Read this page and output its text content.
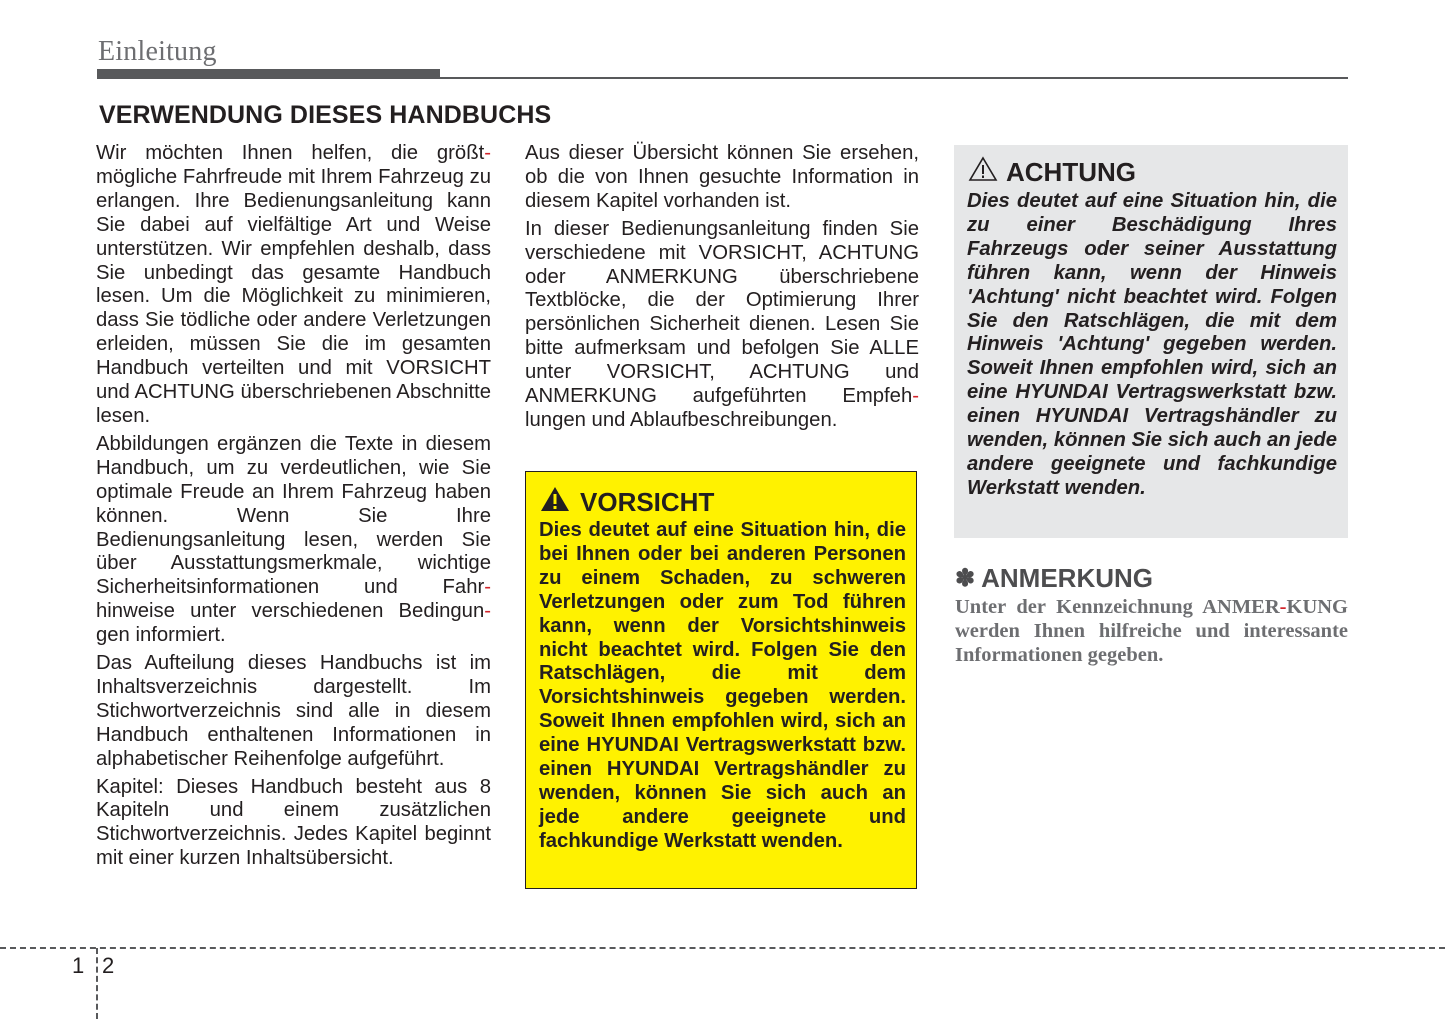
Einleitung
VERWENDUNG DIESES HANDBUCHS

Wir möchten Ihnen helfen, die größt-mögliche Fahrfreude mit Ihrem Fahrzeug zu erlangen. Ihre Bedienungsanleitung kann Sie dabei auf vielfältige Art und Weise unterstützen. Wir empfehlen deshalb, dass Sie unbedingt das gesamte Handbuch lesen. Um die Möglichkeit zu minimieren, dass Sie tödliche oder andere Verletzungen erleiden, müssen Sie die im gesamten Handbuch verteilten und mit VORSICHT und ACHTUNG überschriebenen Abschnitte lesen.

Abbildungen ergänzen die Texte in diesem Handbuch, um zu verdeutlichen, wie Sie optimale Freude an Ihrem Fahrzeug haben können. Wenn Sie Ihre Bedienungsanleitung lesen, werden Sie über Ausstattungsmerkmale, wichtige Sicherheitsinformationen und Fahr-hinweise unter verschiedenen Bedingun-gen informiert.

Das Aufteilung dieses Handbuchs ist im Inhaltsverzeichnis dargestellt. Im Stichwortverzeichnis sind alle in diesem Handbuch enthaltenen Informationen in alphabetischer Reihenfolge aufgeführt.

Kapitel: Dieses Handbuch besteht aus 8 Kapiteln und einem zusätzlichen Stichwortverzeichnis. Jedes Kapitel beginnt mit einer kurzen Inhaltsübersicht.

Aus dieser Übersicht können Sie ersehen, ob die von Ihnen gesuchte Information in diesem Kapitel vorhanden ist.

In dieser Bedienungsanleitung finden Sie verschiedene mit VORSICHT, ACHTUNG oder ANMERKUNG überschriebene Textblöcke, die der Optimierung Ihrer persönlichen Sicherheit dienen. Lesen Sie bitte aufmerksam und befolgen Sie ALLE unter VORSICHT, ACHTUNG und ANMERKUNG aufgeführten Empfeh-lungen und Ablaufbeschreibungen.

VORSICHT

Dies deutet auf eine Situation hin, die bei Ihnen oder bei anderen Personen zu einem Schaden, zu schweren Verletzungen oder zum Tod führen kann, wenn der Vorsichtshinweis nicht beachtet wird. Folgen Sie den Ratschlägen, die mit dem Vorsichtshinweis gegeben werden. Soweit Ihnen empfohlen wird, sich an eine HYUNDAI Vertragswerkstatt bzw. einen HYUNDAI Vertragshändler zu wenden, können Sie sich auch an jede andere geeignete und fachkundige Werkstatt wenden.

ACHTUNG

Dies deutet auf eine Situation hin, die zu einer Beschädigung Ihres Fahrzeugs oder seiner Ausstattung führen kann, wenn der Hinweis 'Achtung' nicht beachtet wird. Folgen Sie den Ratschlägen, die mit dem Hinweis 'Achtung' gegeben werden. Soweit Ihnen empfohlen wird, sich an eine HYUNDAI Vertragswerkstatt bzw. einen HYUNDAI Vertragshändler zu wenden, können Sie sich auch an jede andere geeignete und fachkundige Werkstatt wenden.

✽ ANMERKUNG

Unter der Kennzeichnung ANMER-KUNG werden Ihnen hilfreiche und interessante Informationen gegeben.

1 2
